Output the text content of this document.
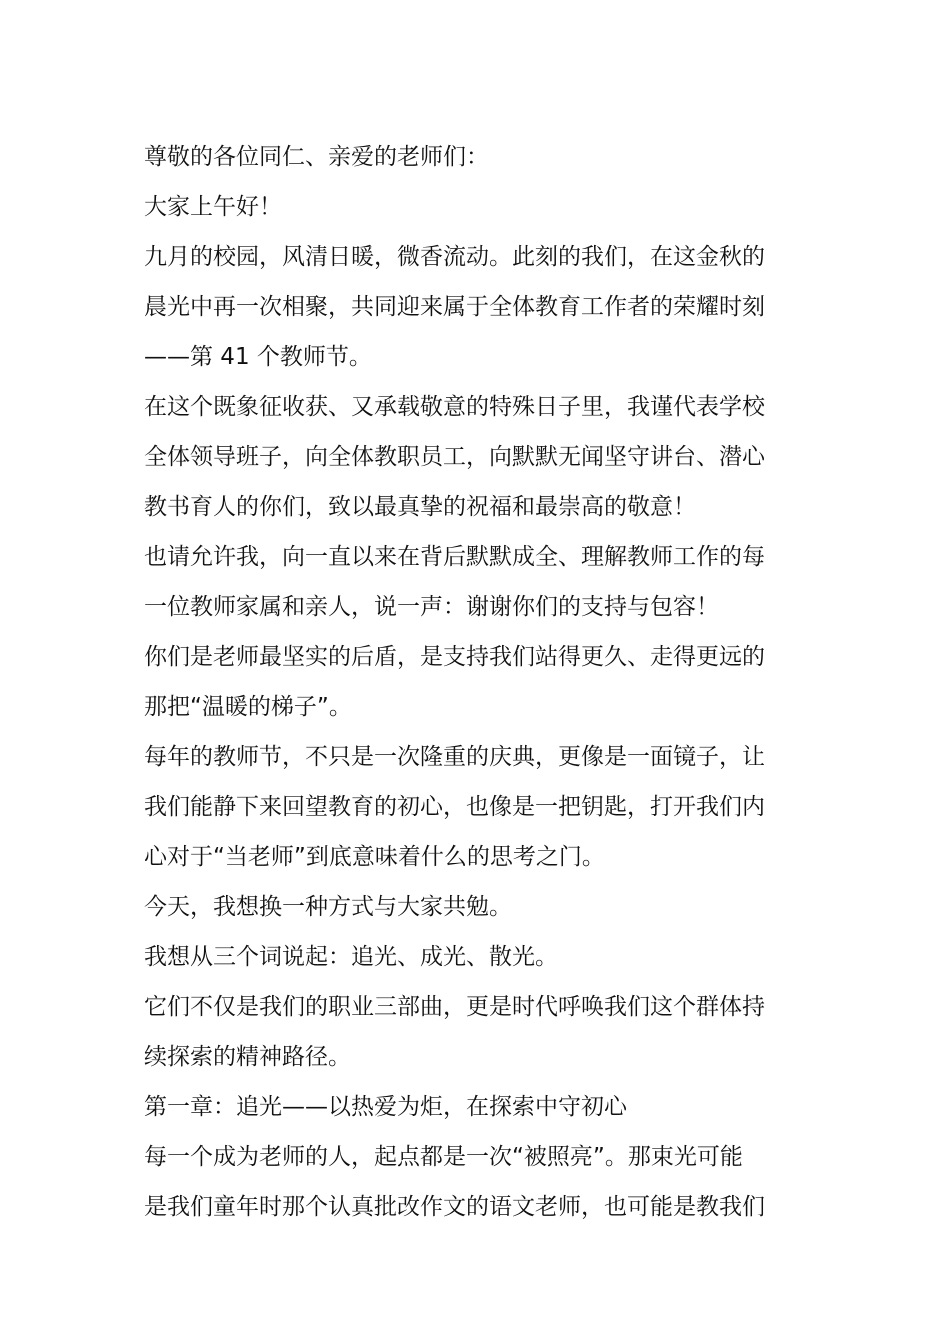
尊敬的各位同仁、亲爱的老师们：
大家上午好！
九月的校园，风清日暖，微香流动。此刻的我们，在这金秋的
晨光中再一次相聚，共同迎来属于全体教育工作者的荣耀时刻
——第 41 个教师节。
在这个既象征收获、又承载敬意的特殊日子里，我谨代表学校
全体领导班子，向全体教职员工，向默默无闻坚守讲台、潜心
教书育人的你们，致以最真挚的祝福和最崇高的敬意！
也请允许我，向一直以来在背后默默成全、理解教师工作的每
一位教师家属和亲人，说一声：谢谢你们的支持与包容！
你们是老师最坚实的后盾，是支持我们站得更久、走得更远的
那把“温暖的梯子”。
每年的教师节，不只是一次隆重的庆典，更像是一面镜子，让
我们能静下来回望教育的初心，也像是一把钥匙，打开我们内
心对于“当老师”到底意味着什么的思考之门。
今天，我想换一种方式与大家共勉。
我想从三个词说起：追光、成光、散光。
它们不仅是我们的职业三部曲，更是时代呼唤我们这个群体持
续探索的精神路径。
第一章：追光——以热爱为炬，在探索中守初心
每一个成为老师的人，起点都是一次“被照亮”。那束光可能
是我们童年时那个认真批改作文的语文老师，也可能是教我们
